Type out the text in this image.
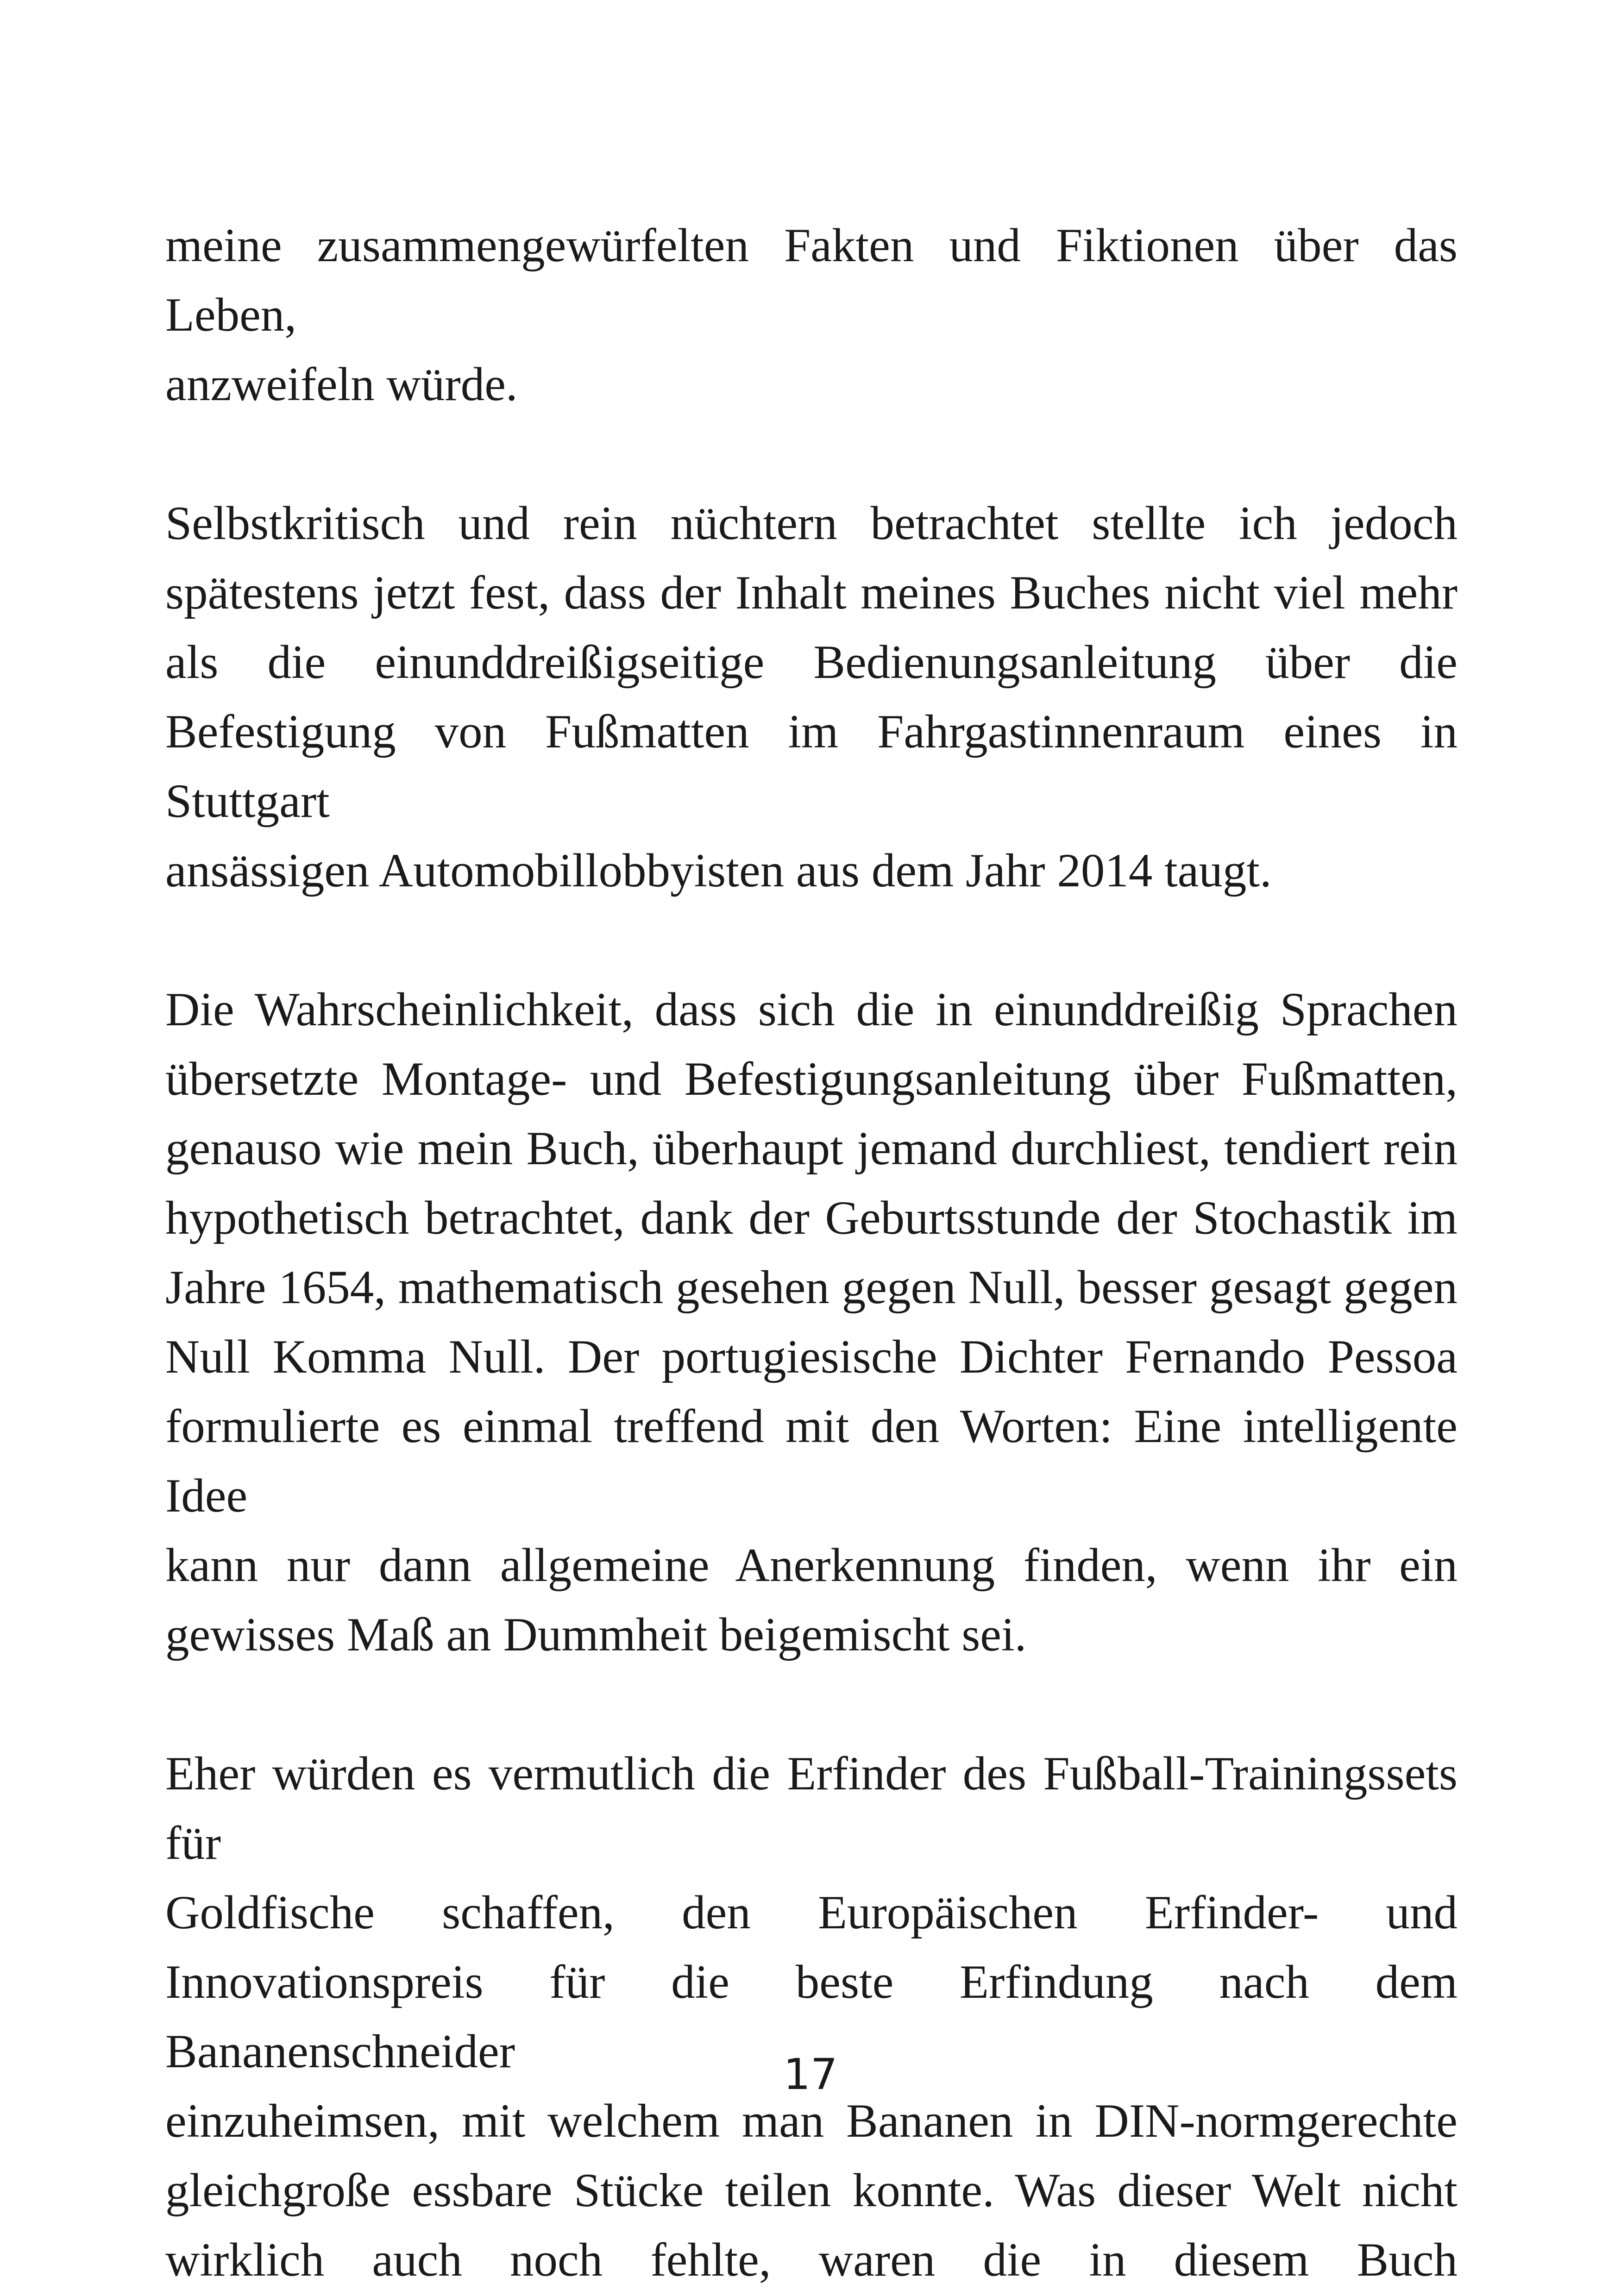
meine zusammengewürfelten Fakten und Fiktionen über das Leben,
anzweifeln würde.
Selbstkritisch und rein nüchtern betrachtet stellte ich jedoch
spätestens jetzt fest, dass der Inhalt meines Buches nicht viel mehr
als die einunddreißigseitige Bedienungsanleitung über die
Befestigung von Fußmatten im Fahrgastinnenraum eines in Stuttgart
ansässigen Automobillobbyisten aus dem Jahr 2014 taugt.
Die Wahrscheinlichkeit, dass sich die in einunddreißig Sprachen
übersetzte Montage- und Befestigungsanleitung über Fußmatten,
genauso wie mein Buch, überhaupt jemand durchliest, tendiert rein
hypothetisch betrachtet, dank der Geburtsstunde der Stochastik im
Jahre 1654, mathematisch gesehen gegen Null, besser gesagt gegen
Null Komma Null. Der portugiesische Dichter Fernando Pessoa
formulierte es einmal treffend mit den Worten: Eine intelligente Idee
kann nur dann allgemeine Anerkennung finden, wenn ihr ein
gewisses Maß an Dummheit beigemischt sei.
Eher würden es vermutlich die Erfinder des Fußball-Trainingssets für
Goldfische schaffen, den Europäischen Erfinder- und
Innovationspreis für die beste Erfindung nach dem Bananenschneider
einzuheimsen, mit welchem man Bananen in DIN-normgerechte
gleichgroße essbare Stücke teilen konnte. Was dieser Welt nicht
wirklich auch noch fehlte, waren die in diesem Buch
17
